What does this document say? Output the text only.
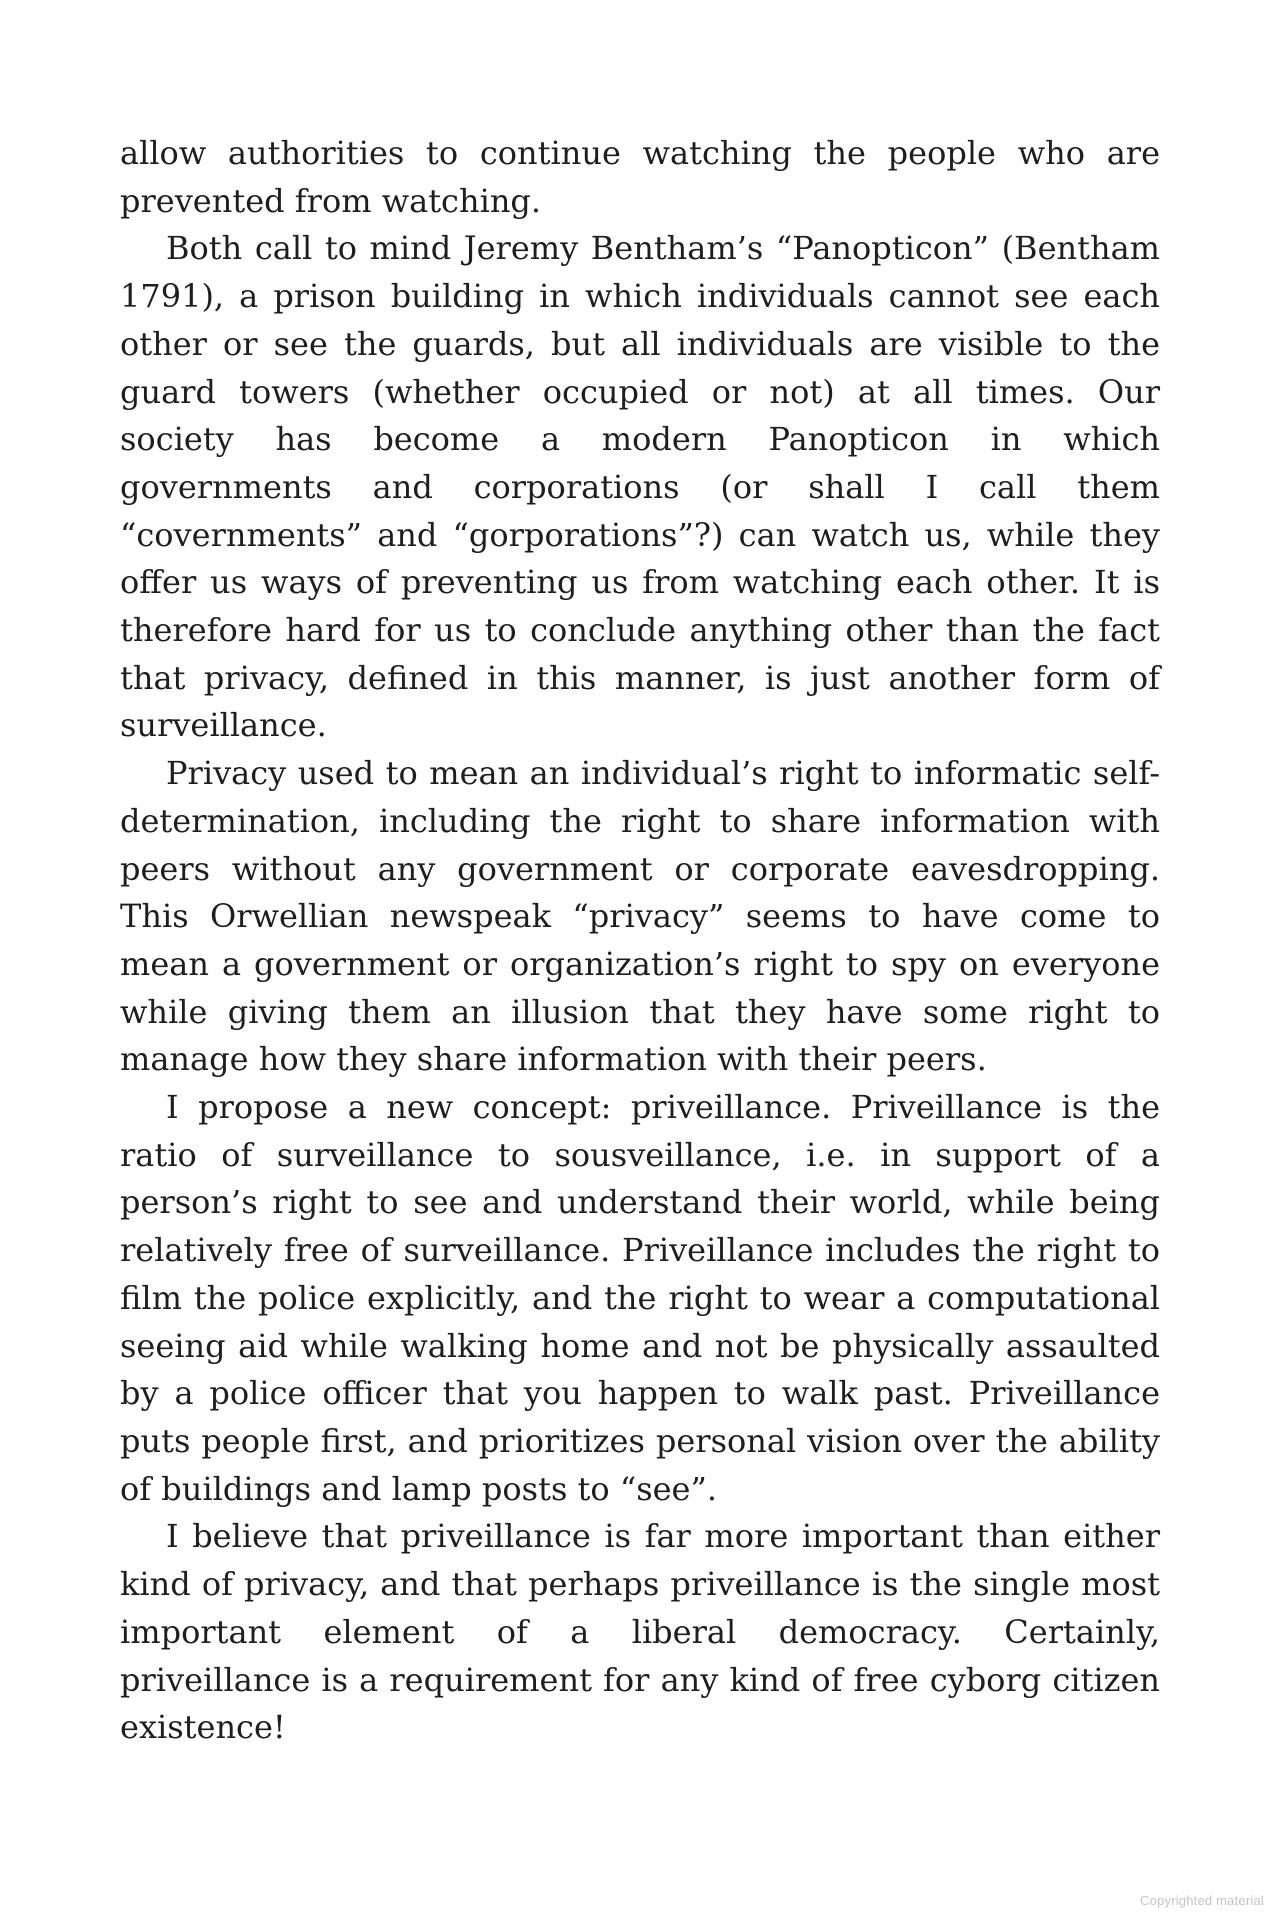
allow authorities to continue watching the people who are prevented from watching.

Both call to mind Jeremy Bentham’s “Panopticon” (Bentham 1791), a prison building in which individuals cannot see each other or see the guards, but all individuals are visible to the guard towers (whether occupied or not) at all times. Our society has become a modern Panopticon in which governments and corporations (or shall I call them “covernments” and “gorporations”?) can watch us, while they offer us ways of preventing us from watching each other. It is therefore hard for us to conclude anything other than the fact that privacy, defined in this manner, is just another form of surveillance.

Privacy used to mean an individual’s right to informatic self-determination, including the right to share information with peers without any government or corporate eavesdropping. This Orwellian newspeak “privacy” seems to have come to mean a government or organization’s right to spy on everyone while giving them an illusion that they have some right to manage how they share information with their peers.

I propose a new concept: priveillance. Priveillance is the ratio of surveillance to sousveillance, i.e. in support of a person’s right to see and understand their world, while being relatively free of surveillance. Priveillance includes the right to film the police explicitly, and the right to wear a computational seeing aid while walking home and not be physically assaulted by a police officer that you happen to walk past. Priveillance puts people first, and prioritizes personal vision over the ability of buildings and lamp posts to “see”.

I believe that priveillance is far more important than either kind of privacy, and that perhaps priveillance is the single most important element of a liberal democracy. Certainly, priveillance is a requirement for any kind of free cyborg citizen existence!

Copyrighted material
